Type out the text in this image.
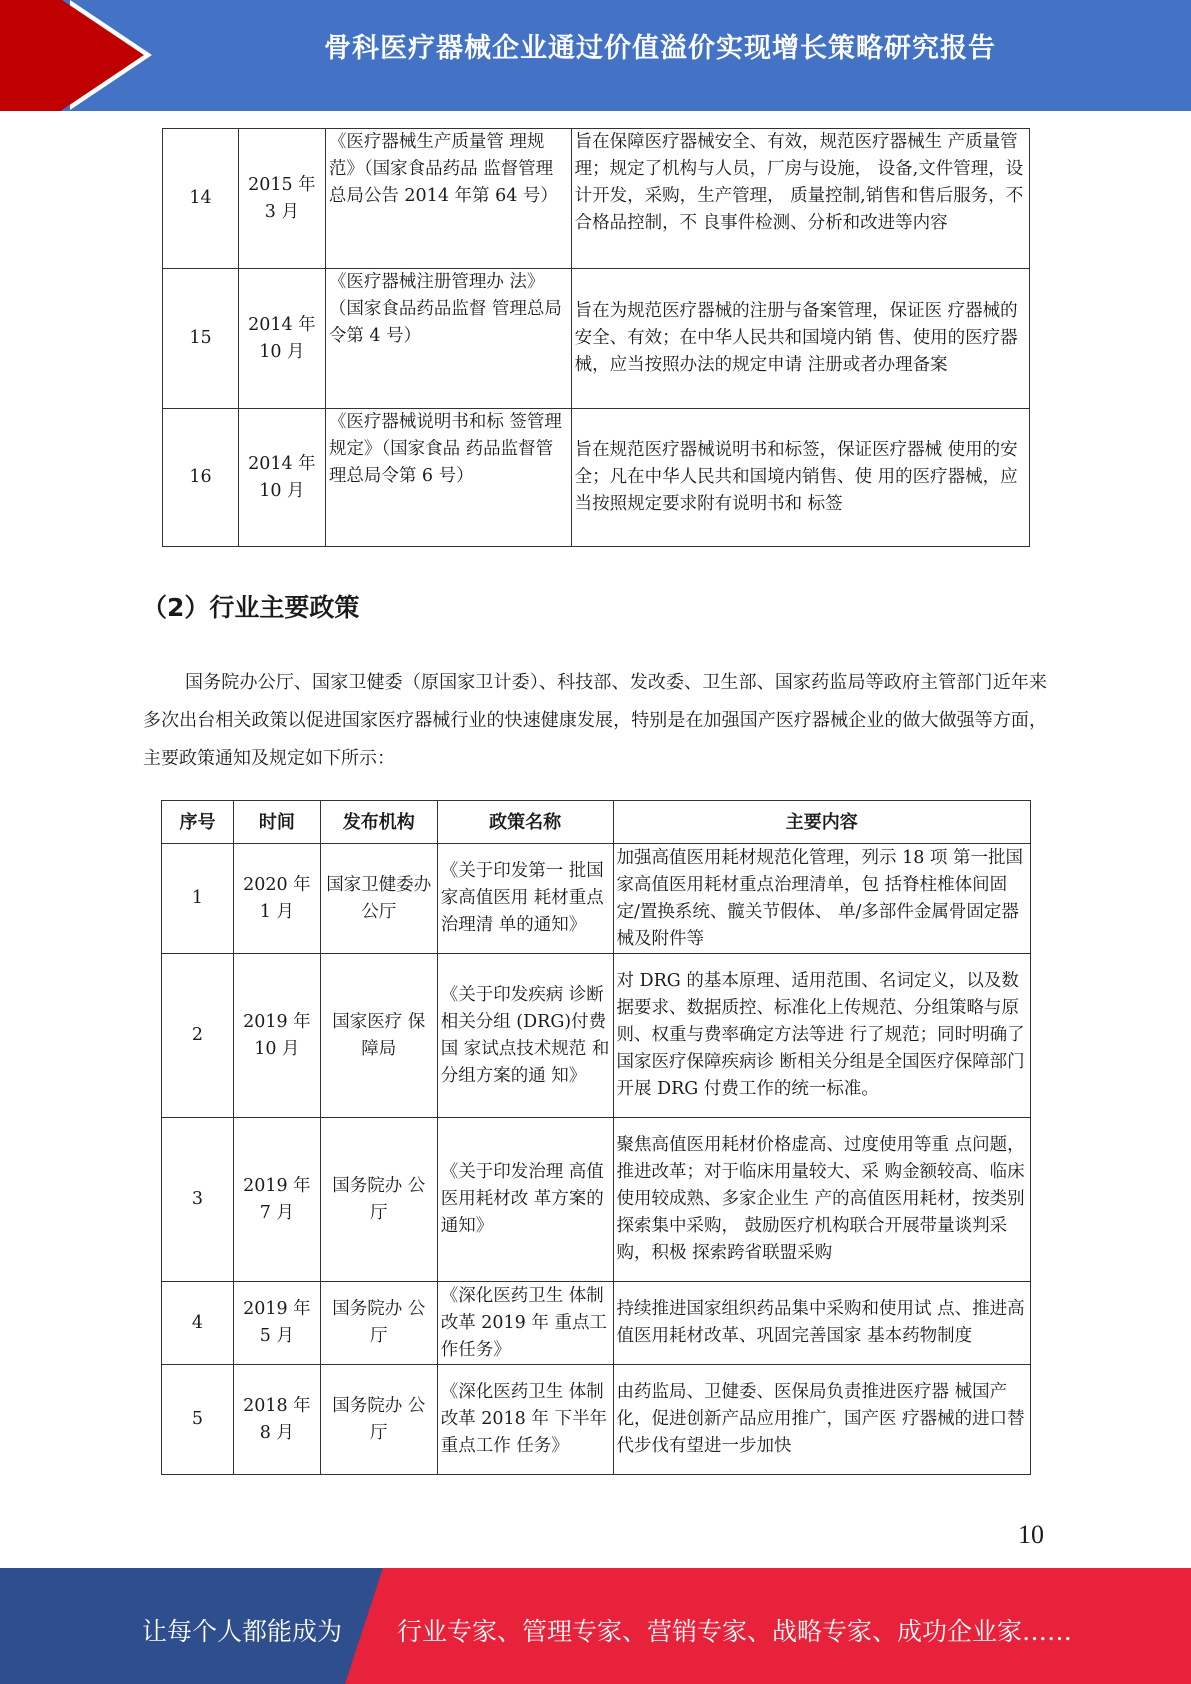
骨科医疗器械企业通过价值溢价实现增长策略研究报告
14	2015 年 3 月	《医疗器械生产质量管 理规范》（国家食品药品 监督管理总局公告 2014 年第 64 号）	旨在保障医疗器械安全、有效，规范医疗器械生 产质量管理；规定了机构与人员，厂房与设施， 设备,文件管理，设计开发，采购，生产管理， 质量控制,销售和售后服务，不合格品控制，不 良事件检测、分析和改进等内容
15	2014 年 10 月	《医疗器械注册管理办 法》（国家食品药品监督 管理总局令第 4 号）	旨在为规范医疗器械的注册与备案管理，保证医 疗器械的安全、有效；在中华人民共和国境内销 售、使用的医疗器械，应当按照办法的规定申请 注册或者办理备案
16	2014 年 10 月	《医疗器械说明书和标 签管理规定》（国家食品 药品监督管理总局令第 6 号）	旨在规范医疗器械说明书和标签，保证医疗器械 使用的安全；凡在中华人民共和国境内销售、使 用的医疗器械，应当按照规定要求附有说明书和 标签
（2）行业主要政策
国务院办公厅、国家卫健委（原国家卫计委）、科技部、发改委、卫生部、国家药监局等政府主管部门近年来多次出台相关政策以促进国家医疗器械行业的快速健康发展，特别是在加强国产医疗器械企业的做大做强等方面，主要政策通知及规定如下所示：
序号	时间	发布机构	政策名称	主要内容
1	2020 年 1 月	国家卫健委办公厅	《关于印发第一 批国家高值医用 耗材重点治理清 单的通知》	加强高值医用耗材规范化管理，列示 18 项 第一批国家高值医用耗材重点治理清单，包 括脊柱椎体间固定/置换系统、髋关节假体、 单/多部件金属骨固定器械及附件等
2	2019 年 10 月	国家医疗 保障局	《关于印发疾病 诊断相关分组 (DRG)付费国 家试点技术规范 和分组方案的通 知》	对 DRG 的基本原理、适用范围、名词定义，以及数据要求、数据质控、标准化上传规范、分组策略与原则、权重与费率确定方法等进 行了规范；同时明确了国家医疗保障疾病诊 断相关分组是全国医疗保障部门开展 DRG 付费工作的统一标准。
3	2019 年 7 月	国务院办 公厅	《关于印发治理 高值医用耗材改 革方案的通知》	聚焦高值医用耗材价格虚高、过度使用等重 点问题，推进改革；对于临床用量较大、采 购金额较高、临床使用较成熟、多家企业生 产的高值医用耗材，按类别探索集中采购， 鼓励医疗机构联合开展带量谈判采购，积极 探索跨省联盟采购
4	2019 年 5 月	国务院办 公厅	《深化医药卫生 体制改革 2019 年 重点工作任务》	持续推进国家组织药品集中采购和使用试 点、推进高值医用耗材改革、巩固完善国家 基本药物制度
5	2018 年 8 月	国务院办 公厅	《深化医药卫生 体制改革 2018 年 下半年重点工作 任务》	由药监局、卫健委、医保局负责推进医疗器 械国产化，促进创新产品应用推广，国产医 疗器械的进口替代步伐有望进一步加快
10
让每个人都能成为 行业专家、管理专家、营销专家、战略专家、成功企业家……
